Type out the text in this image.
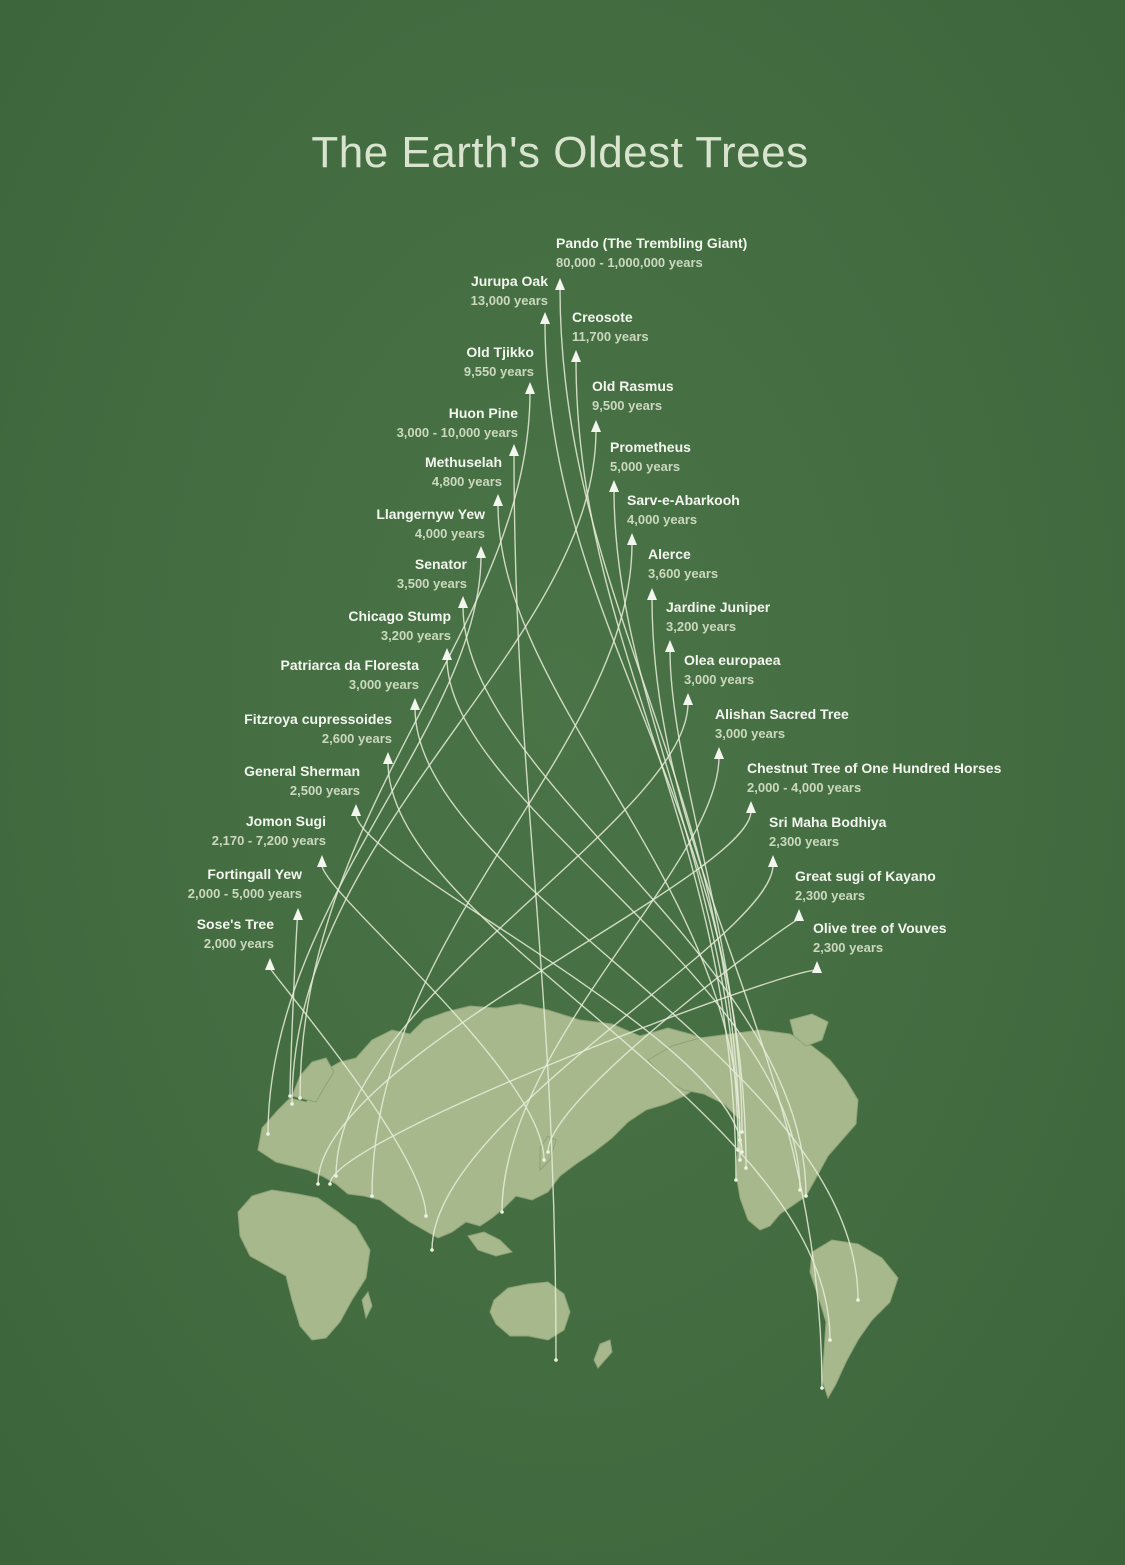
The Earth's Oldest Trees
Pando (The Trembling Giant)
80,000 - 1,000,000 years
Jurupa Oak
13,000 years
Creosote
11,700 years
Old Tjikko
9,550 years
Old Rasmus
9,500 years
Huon Pine
3,000 - 10,000 years
Prometheus
5,000 years
Methuselah
4,800 years
Sarv-e-Abarkooh
4,000 years
Llangernyw Yew
4,000 years
Alerce
3,600 years
Senator
3,500 years
Jardine Juniper
3,200 years
Chicago Stump
3,200 years
Olea europaea
3,000 years
Patriarca da Floresta
3,000 years
Alishan Sacred Tree
3,000 years
Fitzroya cupressoides
2,600 years
Chestnut Tree of One Hundred Horses
2,000 - 4,000 years
General Sherman
2,500 years
Sri Maha Bodhiya
2,300 years
Jomon Sugi
2,170 - 7,200 years
Great sugi of Kayano
2,300 years
Fortingall Yew
2,000 - 5,000 years
Olive tree of Vouves
2,300 years
Sose's Tree
2,000 years
